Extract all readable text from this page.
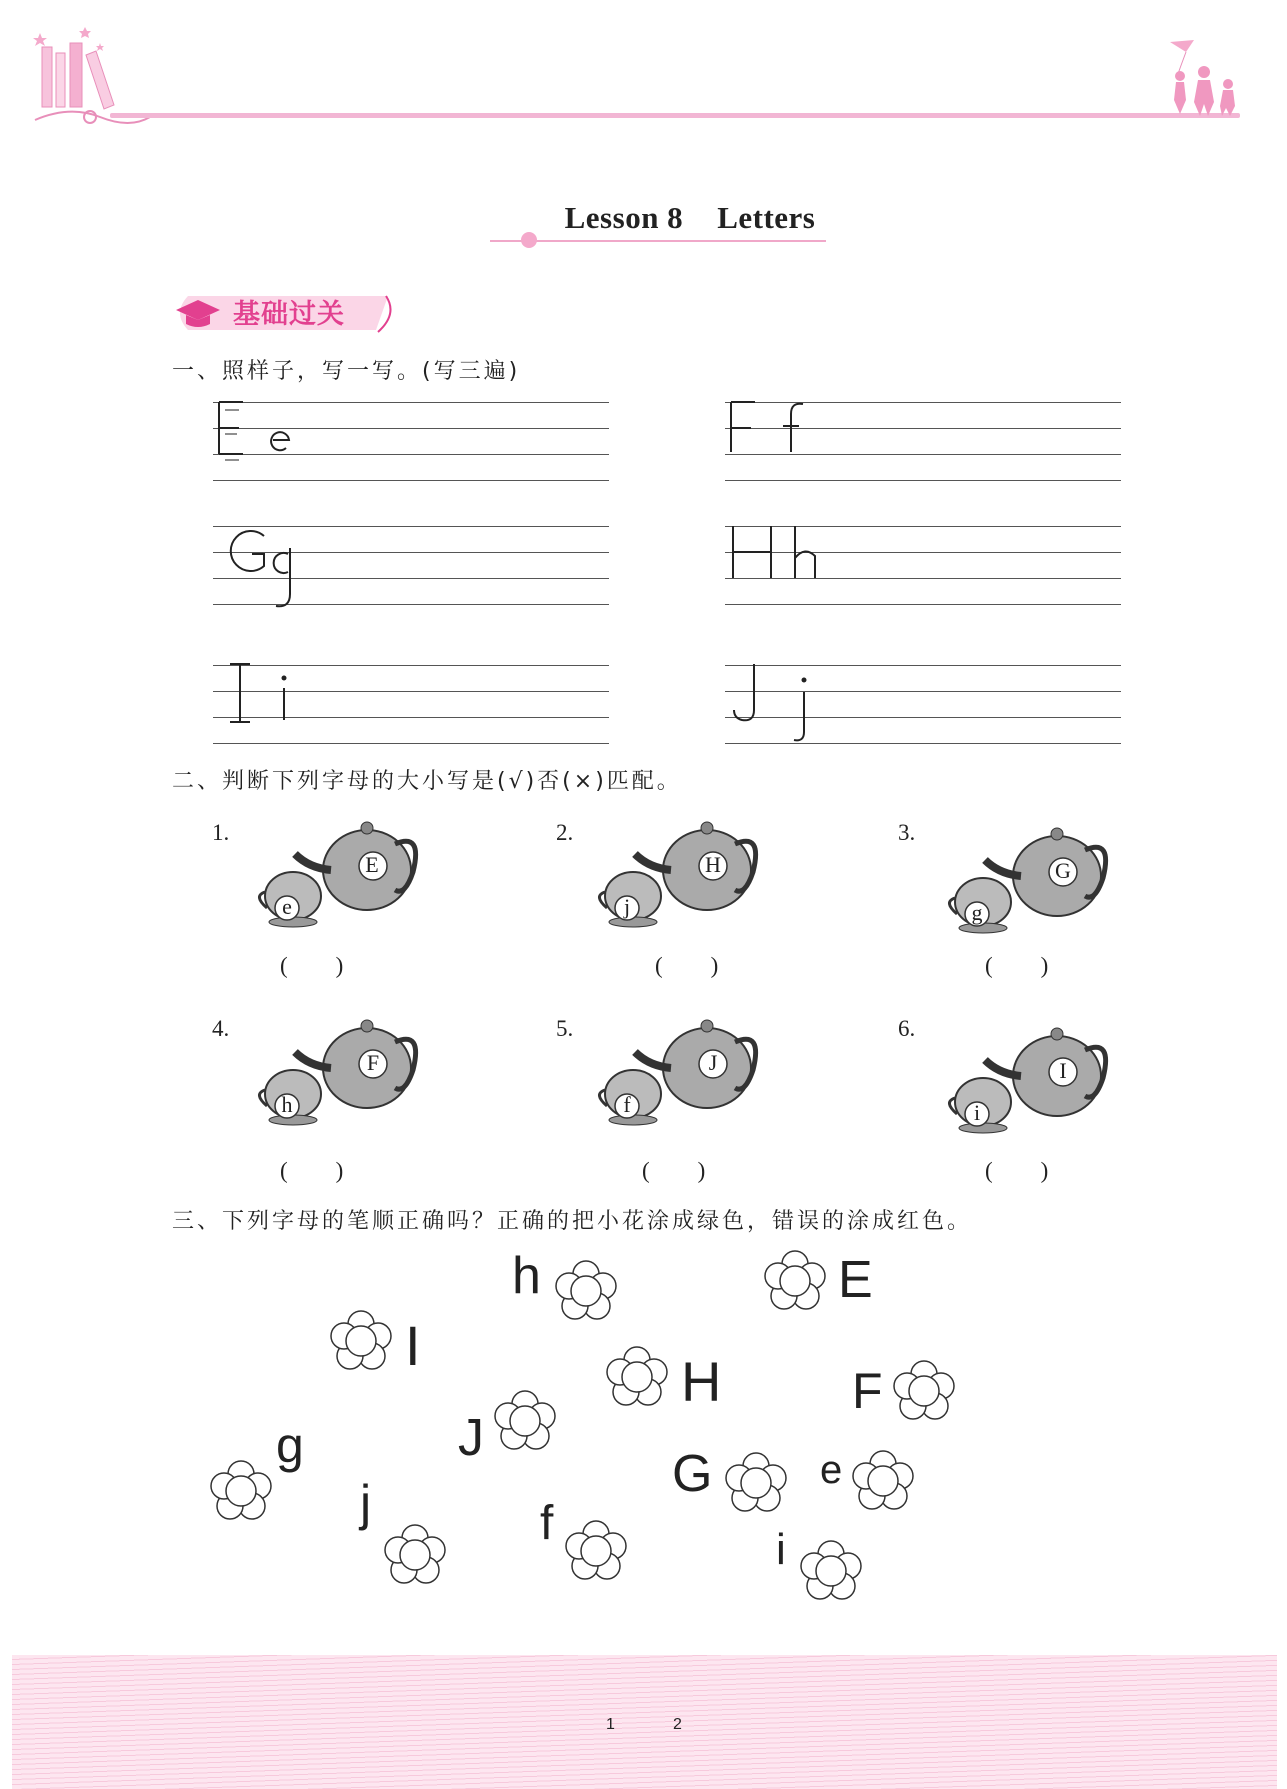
Lesson 8 Letters
基础过关
一、照样子，写一写。(写三遍)
二、判断下列字母的大小写是(√)否(×)匹配。
1.
E
e
( )
2.
H
j
( )
3.
G
g
( )
4.
F
h
( )
5.
J
f
( )
6.
I
i
( )
三、下列字母的笔顺正确吗？正确的把小花涂成绿色，错误的涂成红色。
h	E
I
H	F
j
J
g	G	e
f	i
1	2
